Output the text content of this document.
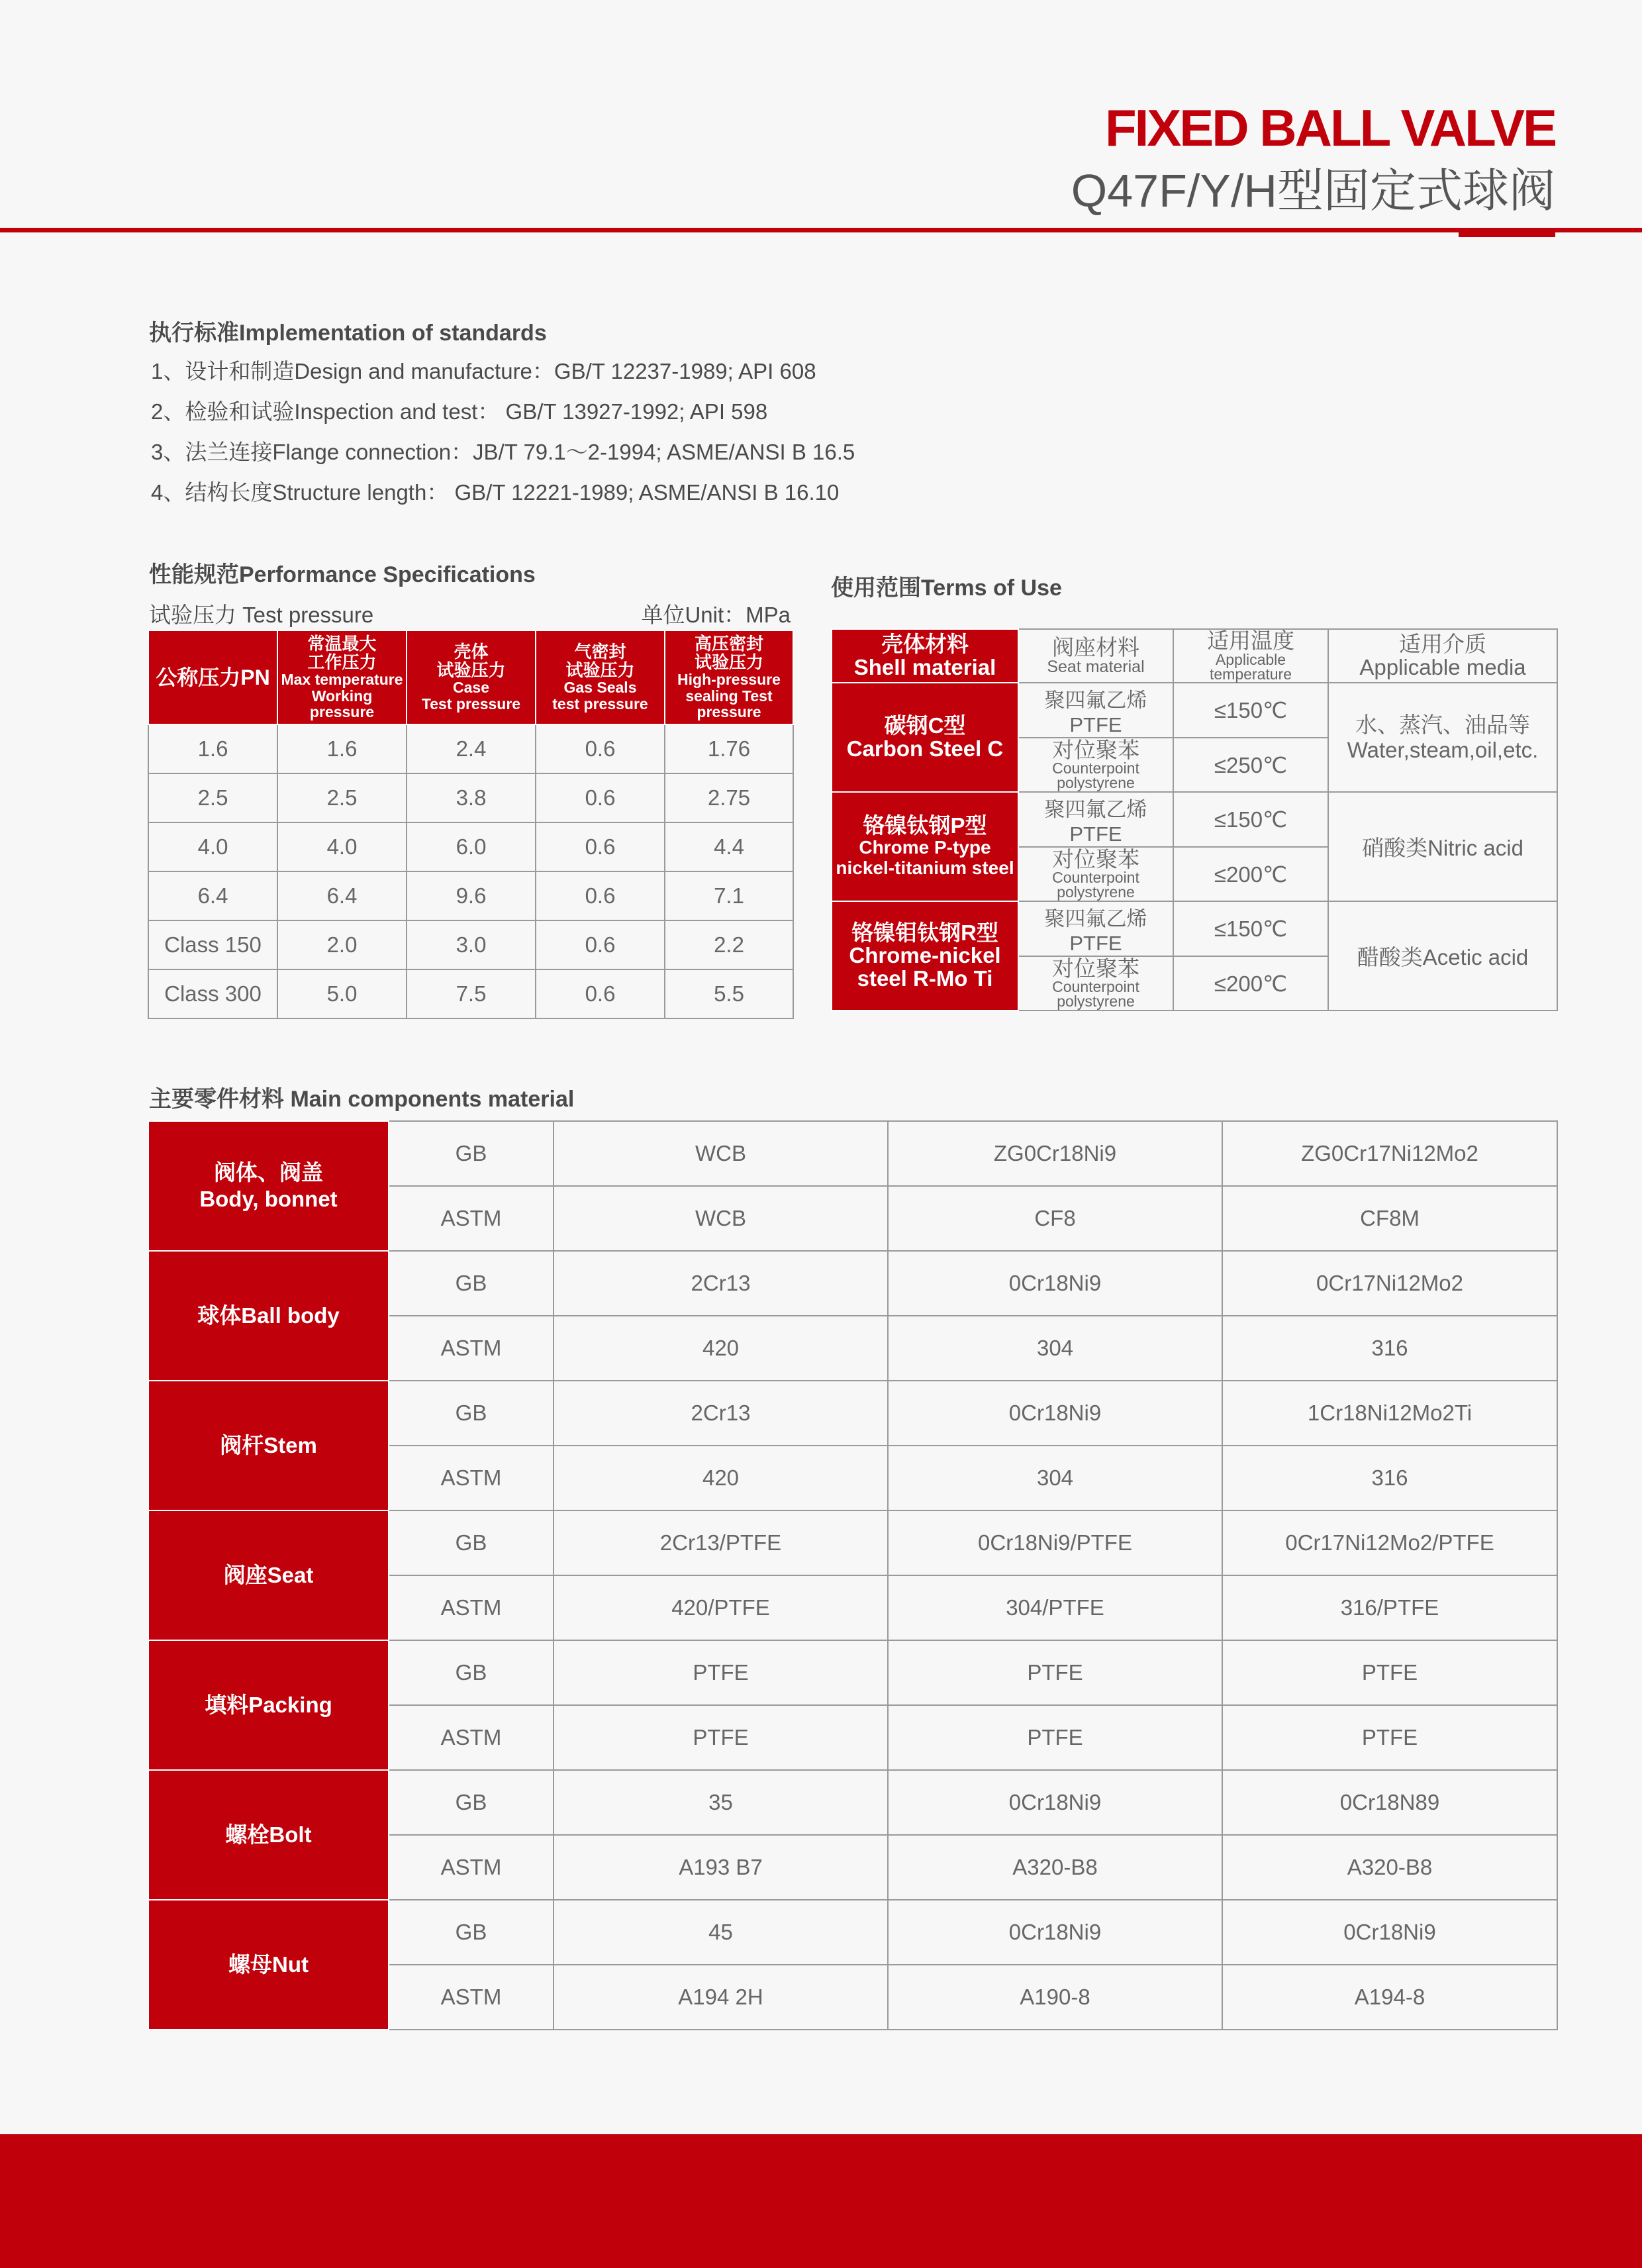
FIXED BALL VALVE
Q47F/Y/H型固定式球阀
执行标准Implementation of standards
1、设计和制造Design and manufacture：GB/T 12237-1989; API 608
2、检验和试验Inspection and test： GB/T 13927-1992; API 598
3、法兰连接Flange connection：JB/T 79.1～2-1994; ASME/ANSI B 16.5
4、结构长度Structure length： GB/T 12221-1989; ASME/ANSI B 16.10
性能规范Performance Specifications
试验压力 Test pressure	单位Unit：MPa
公称压力PN	常温最大
工作压力
Max temperature
Working pressure	壳体
试验压力
Case
Test pressure	气密封
试验压力
Gas Seals
test pressure	高压密封
试验压力
High-pressure
sealing Test
pressure

1.6	1.6	2.4	0.6	1.76
2.5	2.5	3.8	0.6	2.75
4.0	4.0	6.0	0.6	4.4
6.4	6.4	9.6	0.6	7.1
Class 150	2.0	3.0	0.6	2.2
Class 300	5.0	7.5	0.6	5.5
使用范围Terms of Use
壳体材料
Shell material	阀座材料
Seat material	适用温度
Applicable
temperature	适用介质
Applicable media

碳钢C型
Carbon Steel C	聚四氟乙烯PTFE	≤150℃	水、蒸汽、油品等
Water,steam,oil,etc.

	对位聚苯
Counterpoint
polystyrene	≤250℃	

铬镍钛钢P型
Chrome P-type
nickel-titanium steel	聚四氟乙烯PTFE	≤150℃	硝酸类Nitric acid

	对位聚苯
Counterpoint
polystyrene	≤200℃	

铬镍钼钛钢R型
Chrome-nickel
steel R-Mo Ti	聚四氟乙烯PTFE	≤150℃	醋酸类Acetic acid

	对位聚苯
Counterpoint
polystyrene	≤200℃	
主要零件材料 Main components material
阀体、阀盖
Body, bonnet	GB	WCB	ZG0Cr18Ni9	ZG0Cr17Ni12Mo2
	ASTM	WCB	CF8	CF8M
球体Ball body	GB	2Cr13	0Cr18Ni9	0Cr17Ni12Mo2
	ASTM	420	304	316
阀杆Stem	GB	2Cr13	0Cr18Ni9	1Cr18Ni12Mo2Ti
	ASTM	420	304	316
阀座Seat	GB	2Cr13/PTFE	0Cr18Ni9/PTFE	0Cr17Ni12Mo2/PTFE
	ASTM	420/PTFE	304/PTFE	316/PTFE
填料Packing	GB	PTFE	PTFE	PTFE
	ASTM	PTFE	PTFE	PTFE
螺栓Bolt	GB	35	0Cr18Ni9	0Cr18N89
	ASTM	A193 B7	A320-B8	A320-B8
螺母Nut	GB	45	0Cr18Ni9	0Cr18Ni9
	ASTM	A194 2H	A190-8	A194-8
